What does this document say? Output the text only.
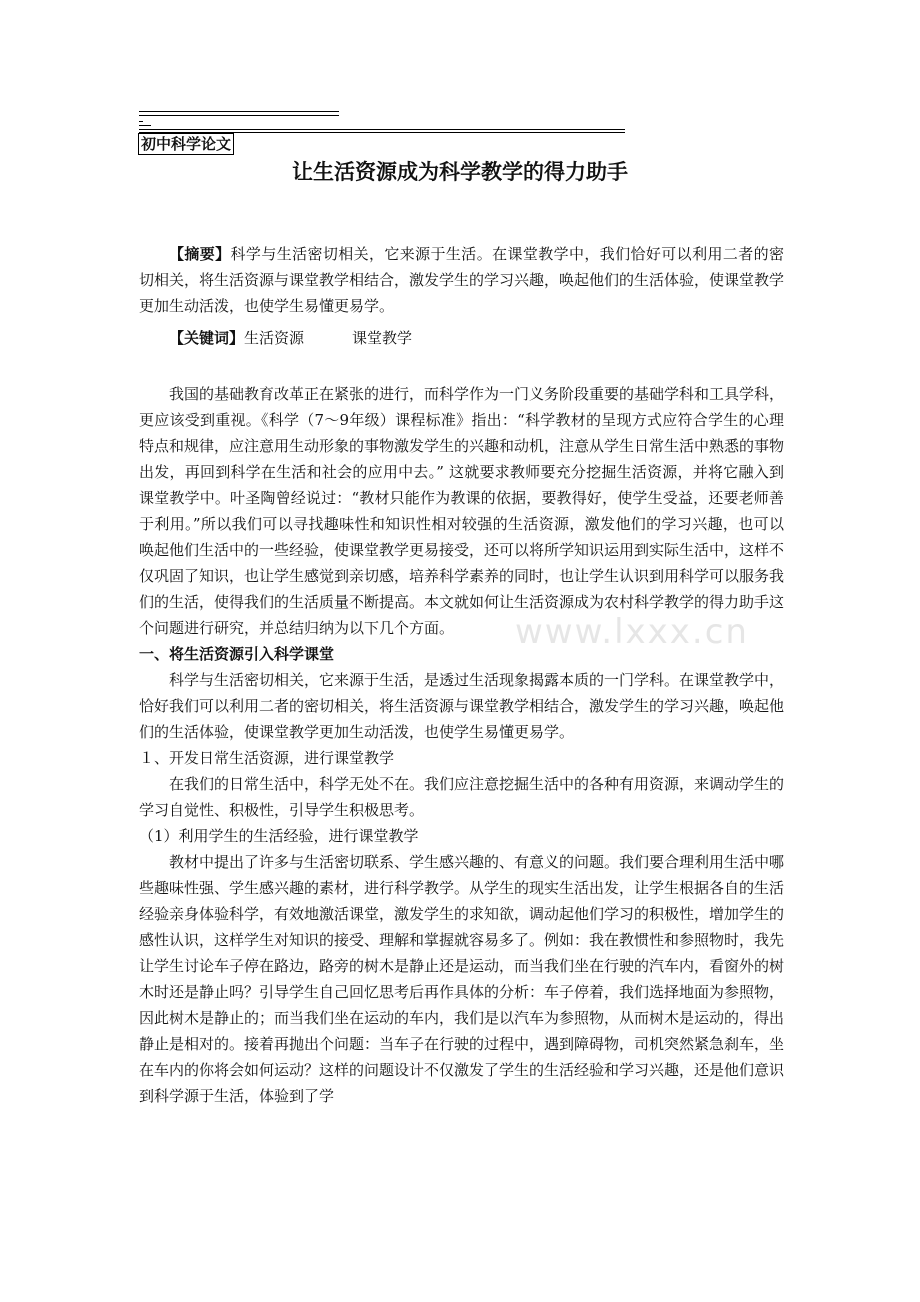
初中科学论文
让生活资源成为科学教学的得力助手

【摘要】科学与生活密切相关，它来源于生活。在课堂教学中，我们恰好可以利用二者的密切相关，将生活资源与课堂教学相结合，激发学生的学习兴趣，唤起他们的生活体验，使课堂教学更加生动活泼，也使学生易懂更易学。

【关键词】生活资源	课堂教学

我国的基础教育改革正在紧张的进行，而科学作为一门义务阶段重要的基础学科和工具学科，更应该受到重视。《科学（7～9年级）课程标准》指出：“科学教材的呈现方式应符合学生的心理特点和规律，应注意用生动形象的事物激发学生的兴趣和动机，注意从学生日常生活中熟悉的事物出发，再回到科学在生活和社会的应用中去。” 这就要求教师要充分挖掘生活资源，并将它融入到课堂教学中。叶圣陶曾经说过：“教材只能作为教课的依据，要教得好，使学生受益，还要老师善于利用。”所以我们可以寻找趣味性和知识性相对较强的生活资源，激发他们的学习兴趣，也可以唤起他们生活中的一些经验，使课堂教学更易接受，还可以将所学知识运用到实际生活中，这样不仅巩固了知识，也让学生感觉到亲切感，培养科学素养的同时，也让学生认识到用科学可以服务我们的生活，使得我们的生活质量不断提高。本文就如何让生活资源成为农村科学教学的得力助手这个问题进行研究，并总结归纳为以下几个方面。

一、将生活资源引入科学课堂

科学与生活密切相关，它来源于生活，是透过生活现象揭露本质的一门学科。在课堂教学中，恰好我们可以利用二者的密切相关，将生活资源与课堂教学相结合，激发学生的学习兴趣，唤起他们的生活体验，使课堂教学更加生动活泼，也使学生易懂更易学。

１、开发日常生活资源，进行课堂教学

在我们的日常生活中，科学无处不在。我们应注意挖掘生活中的各种有用资源，来调动学生的学习自觉性、积极性，引导学生积极思考。

（1）利用学生的生活经验，进行课堂教学

教材中提出了许多与生活密切联系、学生感兴趣的、有意义的问题。我们要合理利用生活中哪些趣味性强、学生感兴趣的素材，进行科学教学。从学生的现实生活出发，让学生根据各自的生活经验亲身体验科学，有效地激活课堂，激发学生的求知欲，调动起他们学习的积极性，增加学生的感性认识，这样学生对知识的接受、理解和掌握就容易多了。例如：我在教惯性和参照物时，我先让学生讨论车子停在路边，路旁的树木是静止还是运动，而当我们坐在行驶的汽车内，看窗外的树木时还是静止吗？引导学生自己回忆思考后再作具体的分析：车子停着，我们选择地面为参照物，因此树木是静止的；而当我们坐在运动的车内，我们是以汽车为参照物，从而树木是运动的，得出静止是相对的。接着再抛出个问题：当车子在行驶的过程中，遇到障碍物，司机突然紧急刹车，坐在车内的你将会如何运动？这样的问题设计不仅激发了学生的生活经验和学习兴趣，还是他们意识到科学源于生活，体验到了学

www.lxxx.cn
